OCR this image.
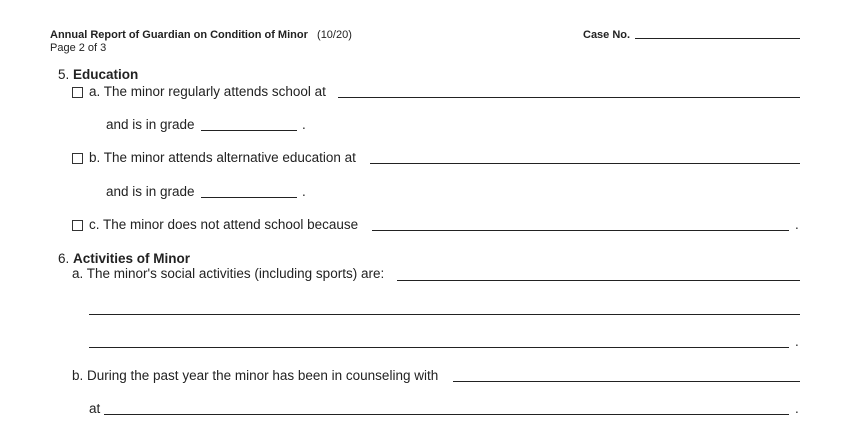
Annual Report of Guardian on Condition of Minor (10/20)
Page 2 of 3
Case No.
5. Education
a. The minor regularly attends school at
and is in grade	.
b. The minor attends alternative education at
and is in grade	.
c. The minor does not attend school because	.
6. Activities of Minor
a. The minor's social activities (including sports) are:
.
b. During the past year the minor has been in counseling with
at	.
